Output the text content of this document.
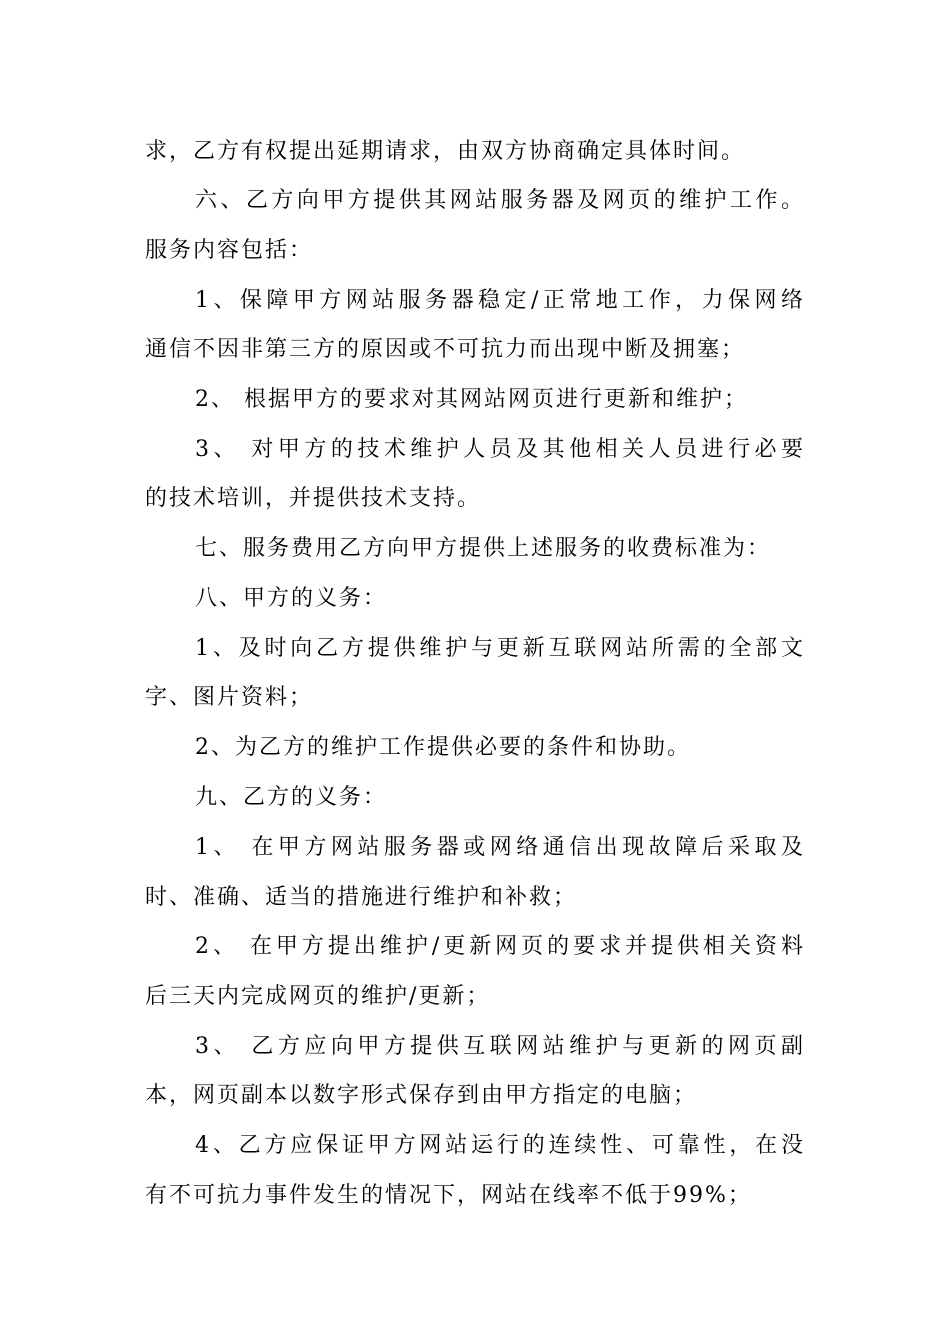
求，乙方有权提出延期请求，由双方协商确定具体时间。
六、乙方向甲方提供其网站服务器及网页的维护工作。
服务内容包括：
1、保障甲方网站服务器稳定/正常地工作，力保网络
通信不因非第三方的原因或不可抗力而出现中断及拥塞；
2、 根据甲方的要求对其网站网页进行更新和维护；
3、 对甲方的技术维护人员及其他相关人员进行必要
的技术培训，并提供技术支持。
七、服务费用乙方向甲方提供上述服务的收费标准为：
八、甲方的义务：
1、及时向乙方提供维护与更新互联网站所需的全部文
字、图片资料；
2、为乙方的维护工作提供必要的条件和协助。
九、乙方的义务：
1、 在甲方网站服务器或网络通信出现故障后采取及
时、准确、适当的措施进行维护和补救；
2、 在甲方提出维护/更新网页的要求并提供相关资料
后三天内完成网页的维护/更新；
3、 乙方应向甲方提供互联网站维护与更新的网页副
本，网页副本以数字形式保存到由甲方指定的电脑；
4、乙方应保证甲方网站运行的连续性、可靠性，在没
有不可抗力事件发生的情况下，网站在线率不低于99%；
